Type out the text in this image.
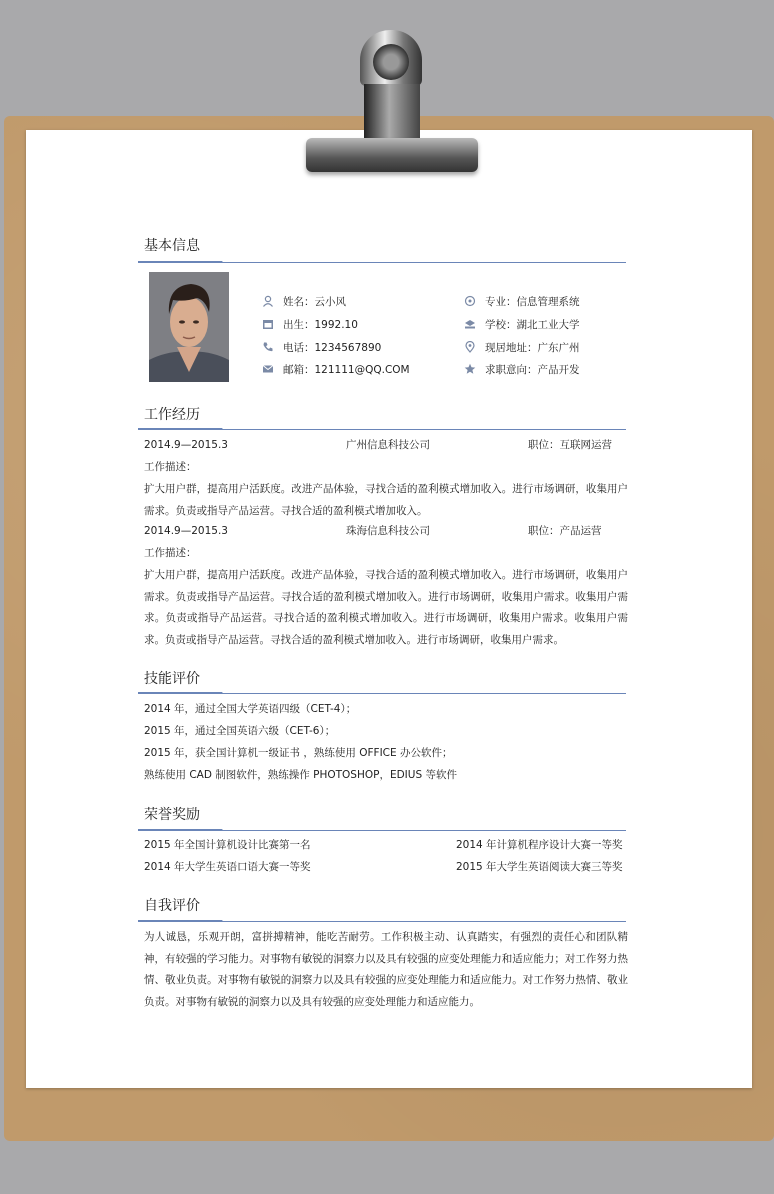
基本信息
姓名：云小风
出生：1992.10
电话：1234567890
邮箱：121111@QQ.COM
专业：信息管理系统
学校：湖北工业大学
现居地址：广东广州
求职意向：产品开发
工作经历
2014.9—2015.3	广州信息科技公司	职位：互联网运营
工作描述：

扩大用户群，提高用户活跃度。改进产品体验，寻找合适的盈利模式增加收入。进行市场调研，收集用户需求。负责或指导产品运营。寻找合适的盈利模式增加收入。

2014.9—2015.3	珠海信息科技公司	职位：产品运营
工作描述：

扩大用户群，提高用户活跃度。改进产品体验，寻找合适的盈利模式增加收入。进行市场调研，收集用户需求。负责或指导产品运营。寻找合适的盈利模式增加收入。进行市场调研，收集用户需求。收集用户需求。负责或指导产品运营。寻找合适的盈利模式增加收入。进行市场调研，收集用户需求。收集用户需求。负责或指导产品运营。寻找合适的盈利模式增加收入。进行市场调研，收集用户需求。

技能评价
2014 年，通过全国大学英语四级（CET-4）；
2015 年，通过全国英语六级（CET-6）；
2015 年，获全国计算机一级证书 ，熟练使用 OFFICE 办公软件；
熟练使用 CAD 制图软件，熟练操作 PHOTOSHOP，EDIUS 等软件
荣誉奖励
2015 年全国计算机设计比赛第一名	2014 年计算机程序设计大赛一等奖
2014 年大学生英语口语大赛一等奖	2015 年大学生英语阅读大赛三等奖
自我评价

为人诚恳，乐观开朗，富拼搏精神，能吃苦耐劳。工作积极主动、认真踏实，有强烈的责任心和团队精神，有较强的学习能力。对事物有敏锐的洞察力以及具有较强的应变处理能力和适应能力；对工作努力热情、敬业负责。对事物有敏锐的洞察力以及具有较强的应变处理能力和适应能力。对工作努力热情、敬业负责。对事物有敏锐的洞察力以及具有较强的应变处理能力和适应能力。
